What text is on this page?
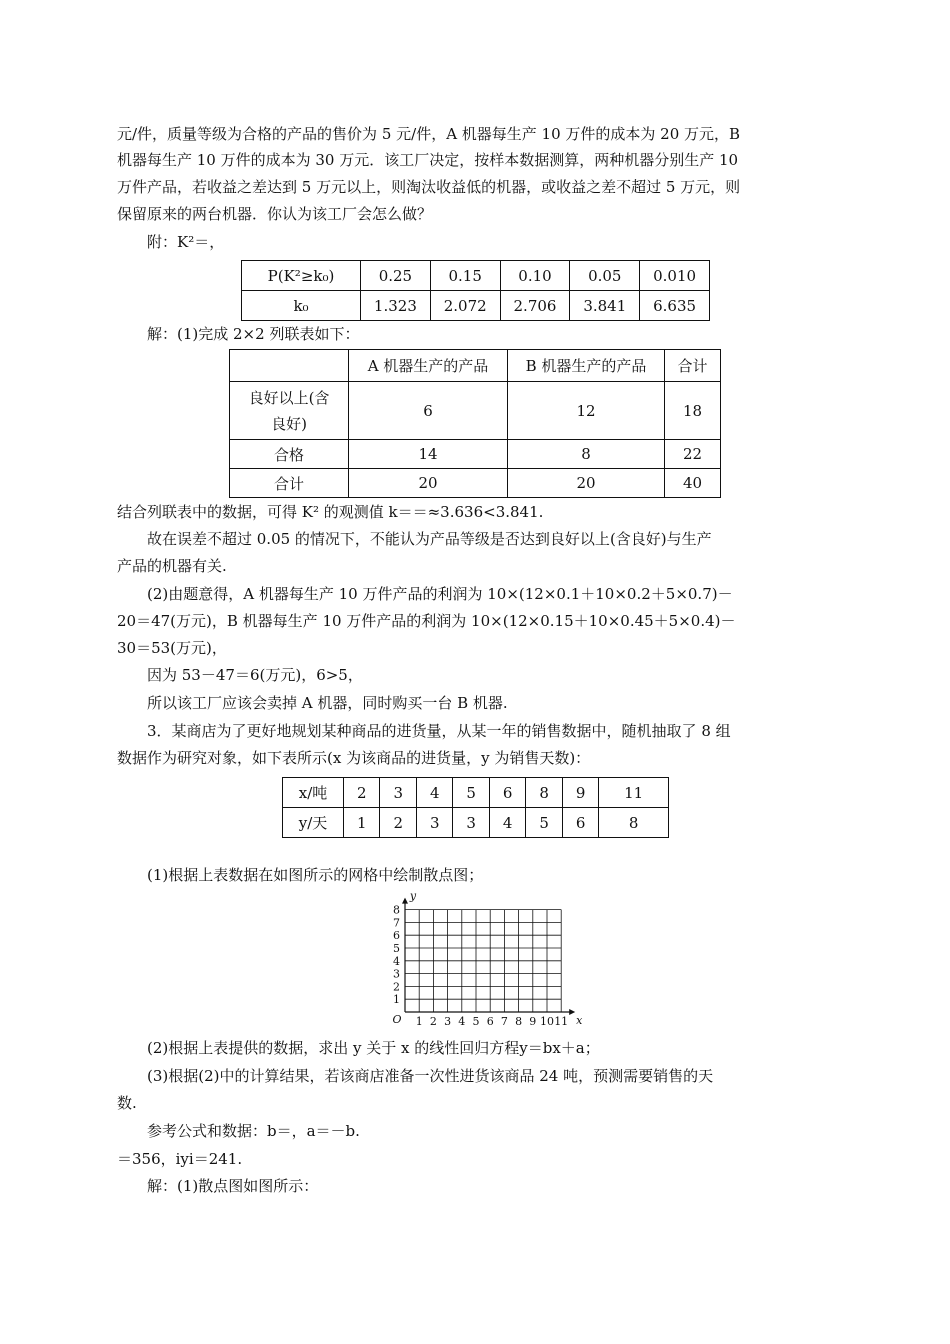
元/件，质量等级为合格的产品的售价为 5 元/件，A 机器每生产 10 万件的成本为 20 万元，B
机器每生产 10 万件的成本为 30 万元．该工厂决定，按样本数据测算，两种机器分别生产 10
万件产品，若收益之差达到 5 万元以上，则淘汰收益低的机器，或收益之差不超过 5 万元，则
保留原来的两台机器．你认为该工厂会怎么做？
附：K²＝，
P(K²≥k₀)	0.25	0.15	0.10	0.05	0.010
k₀	1.323	2.072	2.706	3.841	6.635
解：(1)完成 2×2 列联表如下：
	A 机器生产的产品	B 机器生产的产品	合计
良好以上(含
良好)	6	12	18
合格	14	8	22
合计	20	20	40
结合列联表中的数据，可得 K² 的观测值 k＝＝≈3.636<3.841.
故在误差不超过 0.05 的情况下，不能认为产品等级是否达到良好以上(含良好)与生产
产品的机器有关.
(2)由题意得，A 机器每生产 10 万件产品的利润为 10×(12×0.1＋10×0.2＋5×0.7)－
20＝47(万元)，B 机器每生产 10 万件产品的利润为 10×(12×0.15＋10×0.45＋5×0.4)－
30＝53(万元)，
因为 53－47＝6(万元)，6>5，
所以该工厂应该会卖掉 A 机器，同时购买一台 B 机器.
3．某商店为了更好地规划某种商品的进货量，从某一年的销售数据中，随机抽取了 8 组
数据作为研究对象，如下表所示(x 为该商品的进货量，y 为销售天数)：
x/吨	2	3	4	5	6	8	9	11
y/天	1	2	3	3	4	5	6	8
(1)根据上表数据在如图所示的网格中绘制散点图；
1
2
3
4
5
6
7
8
1 2 3 4 5 6 7 8 9 10 11
O
y
x
(2)根据上表提供的数据，求出 y 关于 x 的线性回归方程y＝bx＋a；
(3)根据(2)中的计算结果，若该商店准备一次性进货该商品 24 吨，预测需要销售的天
数.
参考公式和数据：b＝，a＝－b.
＝356，iyi＝241.
解：(1)散点图如图所示：
